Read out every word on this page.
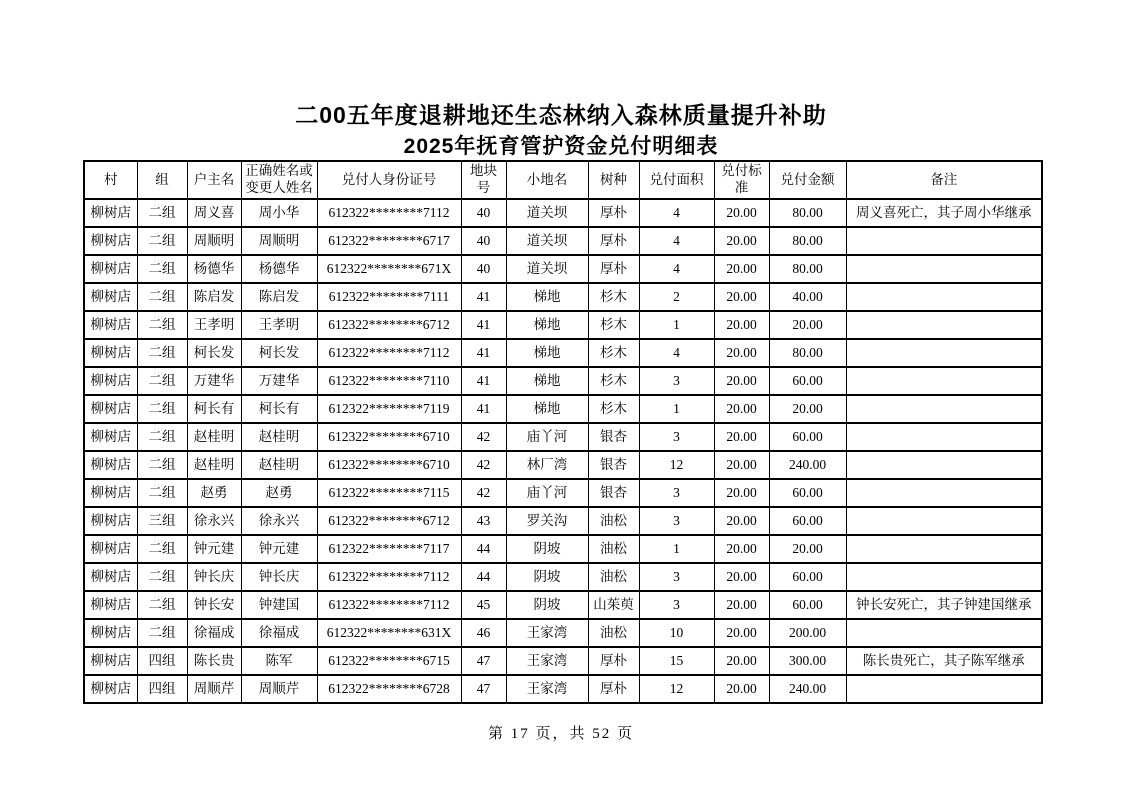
二00五年度退耕地还生态林纳入森林质量提升补助
2025年抚育管护资金兑付明细表
村	组	户主名	正确姓名或变更人姓名	兑付人身份证号	地块号	小地名	树种	兑付面积	兑付标准	兑付金额	备注
柳树店	二组	周义喜	周小华	612322********7112	40	道关坝	厚朴	4	20.00	80.00	周义喜死亡，其子周小华继承
柳树店	二组	周顺明	周顺明	612322********6717	40	道关坝	厚朴	4	20.00	80.00	
柳树店	二组	杨德华	杨德华	612322********671X	40	道关坝	厚朴	4	20.00	80.00	
柳树店	二组	陈启发	陈启发	612322********7111	41	梯地	杉木	2	20.00	40.00	
柳树店	二组	王孝明	王孝明	612322********6712	41	梯地	杉木	1	20.00	20.00	
柳树店	二组	柯长发	柯长发	612322********7112	41	梯地	杉木	4	20.00	80.00	
柳树店	二组	万建华	万建华	612322********7110	41	梯地	杉木	3	20.00	60.00	
柳树店	二组	柯长有	柯长有	612322********7119	41	梯地	杉木	1	20.00	20.00	
柳树店	二组	赵桂明	赵桂明	612322********6710	42	庙丫河	银杏	3	20.00	60.00	
柳树店	二组	赵桂明	赵桂明	612322********6710	42	林厂湾	银杏	12	20.00	240.00	
柳树店	二组	赵勇	赵勇	612322********7115	42	庙丫河	银杏	3	20.00	60.00	
柳树店	三组	徐永兴	徐永兴	612322********6712	43	罗关沟	油松	3	20.00	60.00	
柳树店	二组	钟元建	钟元建	612322********7117	44	阴坡	油松	1	20.00	20.00	
柳树店	二组	钟长庆	钟长庆	612322********7112	44	阴坡	油松	3	20.00	60.00	
柳树店	二组	钟长安	钟建国	612322********7112	45	阴坡	山茱萸	3	20.00	60.00	钟长安死亡，其子钟建国继承
柳树店	二组	徐福成	徐福成	612322********631X	46	王家湾	油松	10	20.00	200.00	
柳树店	四组	陈长贵	陈军	612322********6715	47	王家湾	厚朴	15	20.00	300.00	陈长贵死亡，其子陈军继承
柳树店	四组	周顺芹	周顺芹	612322********6728	47	王家湾	厚朴	12	20.00	240.00	
第 17 页，共 52 页
